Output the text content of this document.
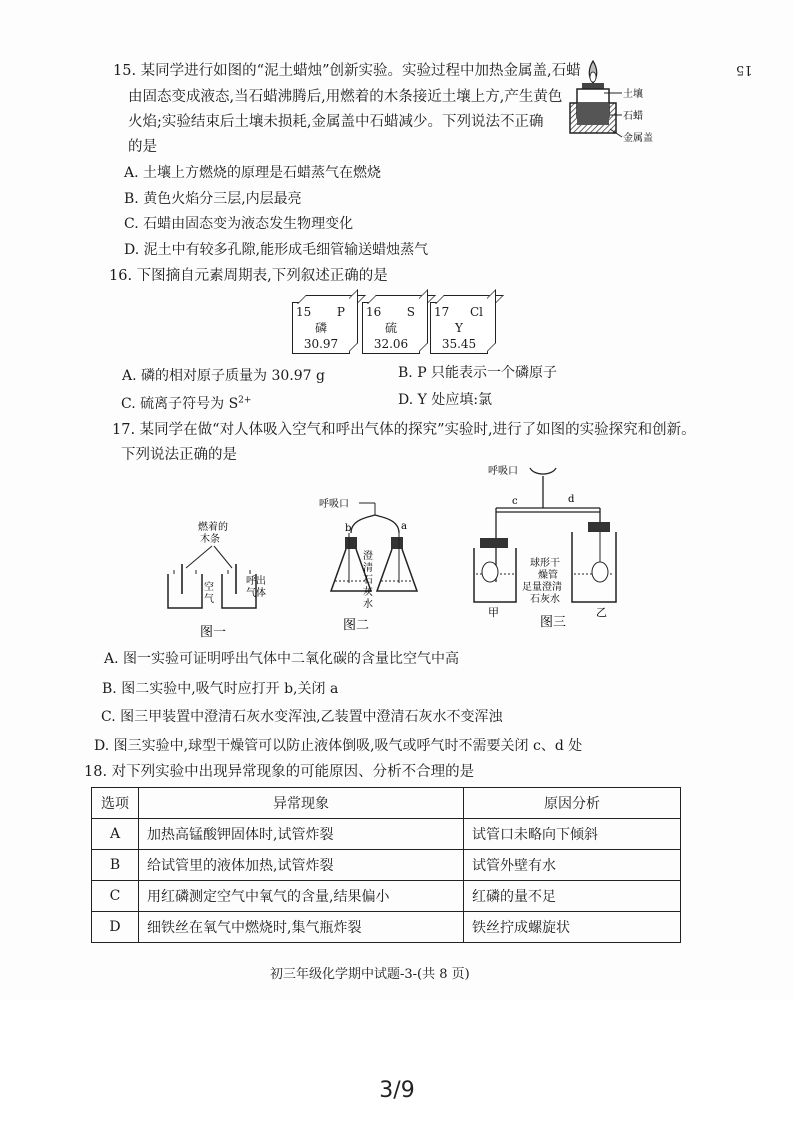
15
15. 某同学进行如图的“泥土蜡烛”创新实验。实验过程中加热金属盖,石蜡
由固态变成液态,当石蜡沸腾后,用燃着的木条接近土壤上方,产生黄色
火焰;实验结束后土壤未损耗,金属盖中石蜡减少。下列说法不正确
的是
土壤
石蜡
金属盖
A. 土壤上方燃烧的原理是石蜡蒸气在燃烧
B. 黄色火焰分三层,内层最亮
C. 石蜡由固态变为液态发生物理变化
D. 泥土中有较多孔隙,能形成毛细管输送蜡烛蒸气
16. 下图摘自元素周期表,下列叙述正确的是
15 P
磷
30.97
16 S
硫
32.06
17 Cl
Y
35.45
A. 磷的相对原子质量为 30.97 g	B. P 只能表示一个磷原子
C. 硫离子符号为 $S^{2+}$	D. Y 处应填:氯
17. 某同学在做“对人体吸入空气和呼出气体的探究”实验时,进行了如图的实验探究和创新。
下列说法正确的是
燃着的
木条
空
气
呼出
气体
图一
呼吸口
b	a
澄
清
石
灰
水
图二
呼吸口
c	d
球形干
燥管
足量澄清
石灰水
甲	乙
图三
A. 图一实验可证明呼出气体中二氧化碳的含量比空气中高
B. 图二实验中,吸气时应打开 b,关闭 a
C. 图三甲装置中澄清石灰水变浑浊,乙装置中澄清石灰水不变浑浊
D. 图三实验中,球型干燥管可以防止液体倒吸,吸气或呼气时不需要关闭 c、d 处
18. 对下列实验中出现异常现象的可能原因、分析不合理的是
选项	异常现象	原因分析
A	加热高锰酸钾固体时,试管炸裂	试管口未略向下倾斜
B	给试管里的液体加热,试管炸裂	试管外壁有水
C	用红磷测定空气中氧气的含量,结果偏小	红磷的量不足
D	细铁丝在氧气中燃烧时,集气瓶炸裂	铁丝拧成螺旋状
初三年级化学期中试题-3-(共 8 页)
3/9
